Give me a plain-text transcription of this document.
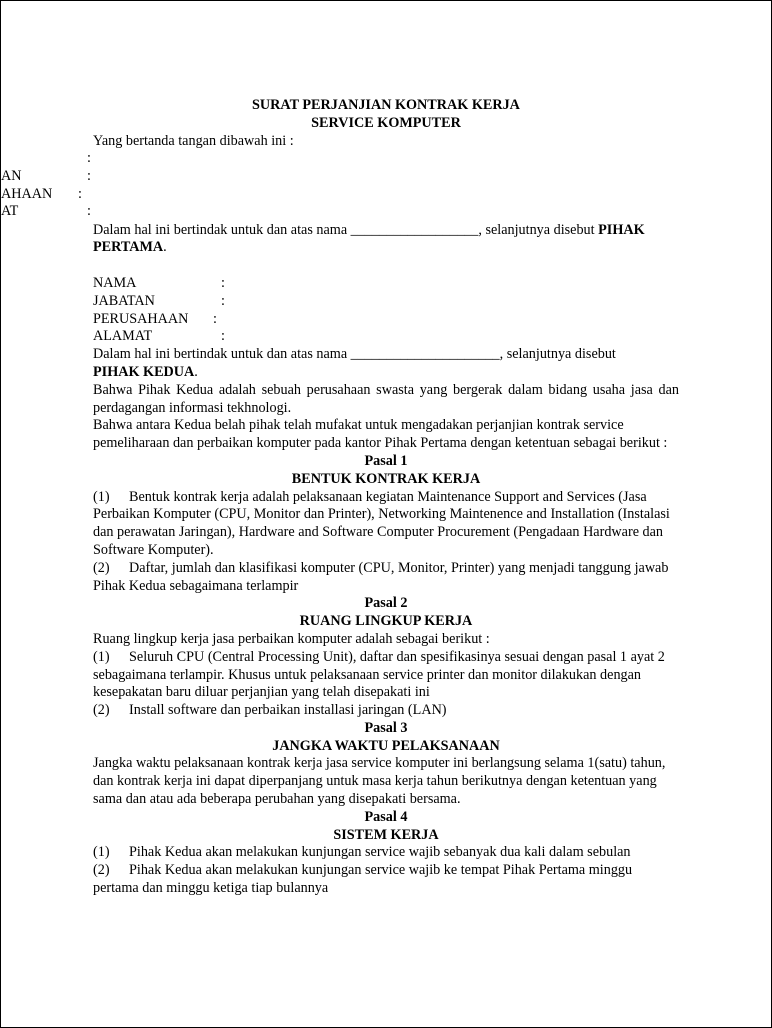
:
AN	:
AHAAN :
AT	:
SURAT PERJANJIAN KONTRAK KERJA
SERVICE KOMPUTER

Yang bertanda tangan dibawah ini :

Dalam hal ini bertindak untuk dan atas nama __________________, selanjutnya disebut PIHAK PERTAMA.

NAMA	:
JABATAN	:
PERUSAHAAN :
ALAMAT	:

Dalam hal ini bertindak untuk dan atas nama _____________________, selanjutnya disebut

PIHAK KEDUA.

Bahwa Pihak Kedua adalah sebuah perusahaan swasta yang bergerak dalam bidang usaha jasa dan perdagangan informasi tekhnologi.

Bahwa antara Kedua belah pihak telah mufakat untuk mengadakan perjanjian kontrak service pemeliharaan dan perbaikan komputer pada kantor Pihak Pertama dengan ketentuan sebagai berikut :

Pasal 1
BENTUK KONTRAK KERJA

(1) Bentuk kontrak kerja adalah pelaksanaan kegiatan Maintenance Support and Services (Jasa Perbaikan Komputer (CPU, Monitor dan Printer), Networking Maintenence and Installation (Instalasi dan perawatan Jaringan), Hardware and Software Computer Procurement (Pengadaan Hardware dan Software Komputer).

(2) Daftar, jumlah dan klasifikasi komputer (CPU, Monitor, Printer) yang menjadi tanggung jawab Pihak Kedua sebagaimana terlampir

Pasal 2
RUANG LINGKUP KERJA

Ruang lingkup kerja jasa perbaikan komputer adalah sebagai berikut :

(1) Seluruh CPU (Central Processing Unit), daftar dan spesifikasinya sesuai dengan pasal 1 ayat 2 sebagaimana terlampir. Khusus untuk pelaksanaan service printer dan monitor dilakukan dengan kesepakatan baru diluar perjanjian yang telah disepakati ini

(2) Install software dan perbaikan installasi jaringan (LAN)

Pasal 3
JANGKA WAKTU PELAKSANAAN

Jangka waktu pelaksanaan kontrak kerja jasa service komputer ini berlangsung selama 1(satu) tahun, dan kontrak kerja ini dapat diperpanjang untuk masa kerja tahun berikutnya dengan ketentuan yang sama dan atau ada beberapa perubahan yang disepakati bersama.

Pasal 4
SISTEM KERJA

(1) Pihak Kedua akan melakukan kunjungan service wajib sebanyak dua kali dalam sebulan

(2) Pihak Kedua akan melakukan kunjungan service wajib ke tempat Pihak Pertama minggu pertama dan minggu ketiga tiap bulannya
